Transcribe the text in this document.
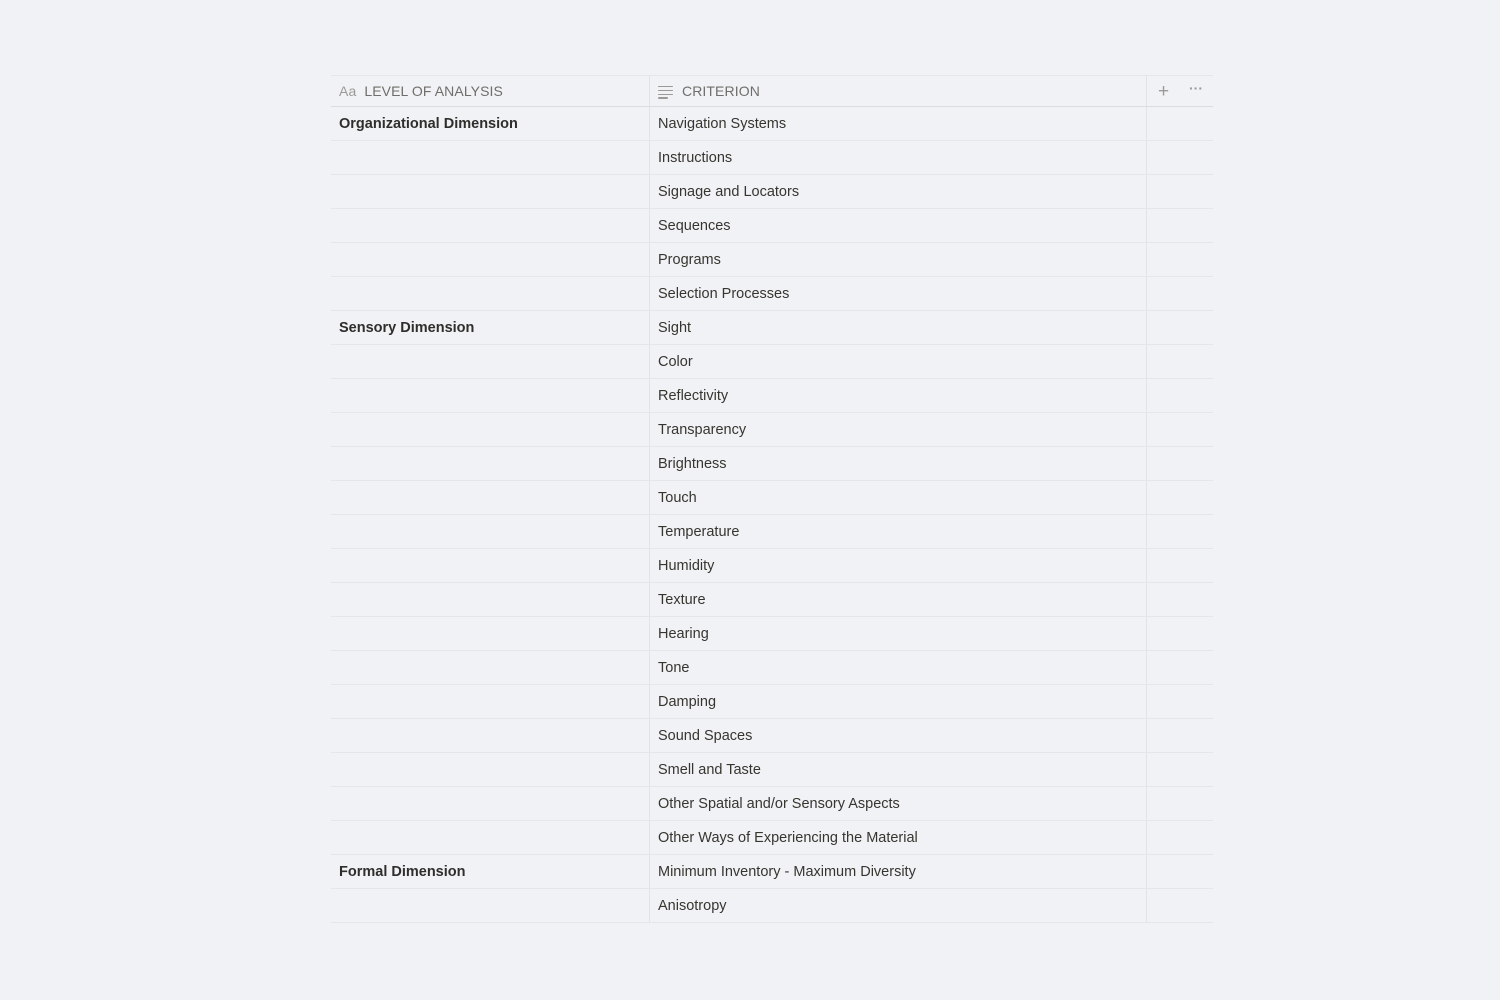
Aa LEVEL OF ANALYSIS	CRITERION	+ ···
Organizational Dimension	Navigation Systems
Instructions
Signage and Locators
Sequences
Programs
Selection Processes
Sensory Dimension	Sight
Color
Reflectivity
Transparency
Brightness
Touch
Temperature
Humidity
Texture
Hearing
Tone
Damping
Sound Spaces
Smell and Taste
Other Spatial and/or Sensory Aspects
Other Ways of Experiencing the Material
Formal Dimension	Minimum Inventory - Maximum Diversity
Anisotropy
